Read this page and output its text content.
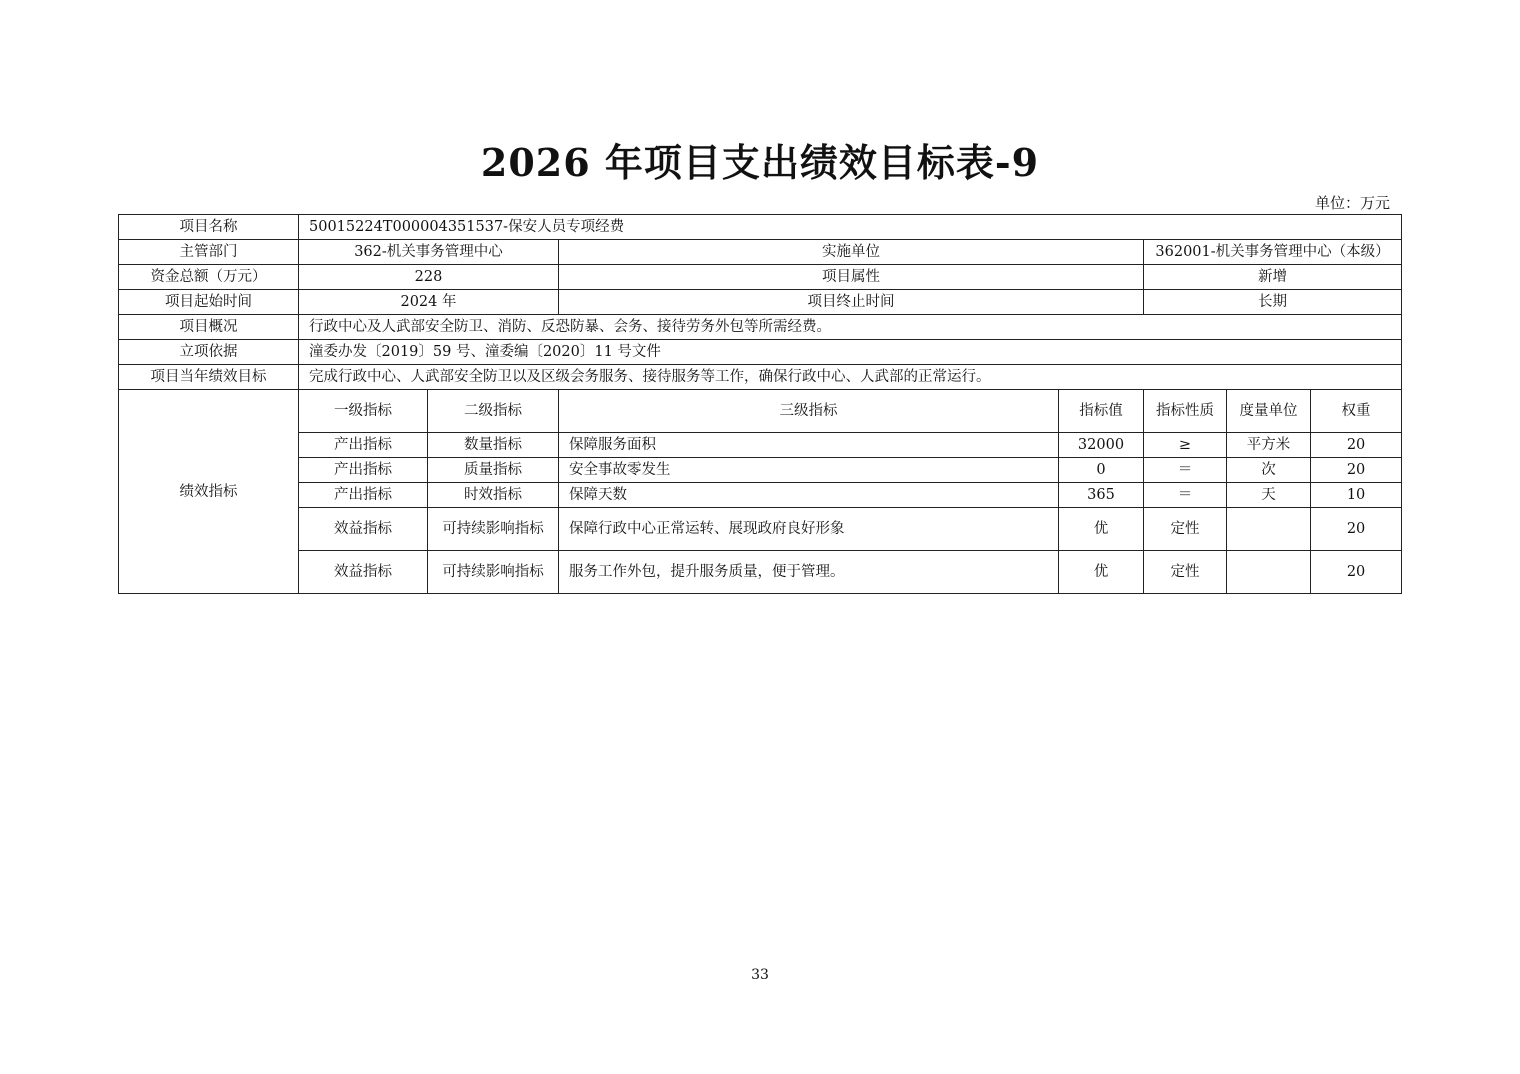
2026 年项目支出绩效目标表-9
单位：万元
项目名称	50015224T000004351537-保安人员专项经费						
主管部门	362-机关事务管理中心		实施单位		362001-机关事务管理中心（本级）		
资金总额（万元）	228		项目属性		新增		
项目起始时间	2024 年		项目终止时间		长期		
项目概况	行政中心及人武部安全防卫、消防、反恐防暴、会务、接待劳务外包等所需经费。						
立项依据	潼委办发〔2019〕59 号、潼委编〔2020〕11 号文件						
项目当年绩效目标	完成行政中心、人武部安全防卫以及区级会务服务、接待服务等工作，确保行政中心、人武部的正常运行。						
绩效指标	一级指标	二级指标	三级指标	指标值	指标性质	度量单位	权重
	产出指标	数量指标	保障服务面积	32000	≥	平方米	20
	产出指标	质量指标	安全事故零发生	0	＝	次	20
	产出指标	时效指标	保障天数	365	＝	天	10
	效益指标	可持续影响指标	保障行政中心正常运转、展现政府良好形象	优	定性		20
	效益指标	可持续影响指标	服务工作外包，提升服务质量，便于管理。	优	定性		20
33
